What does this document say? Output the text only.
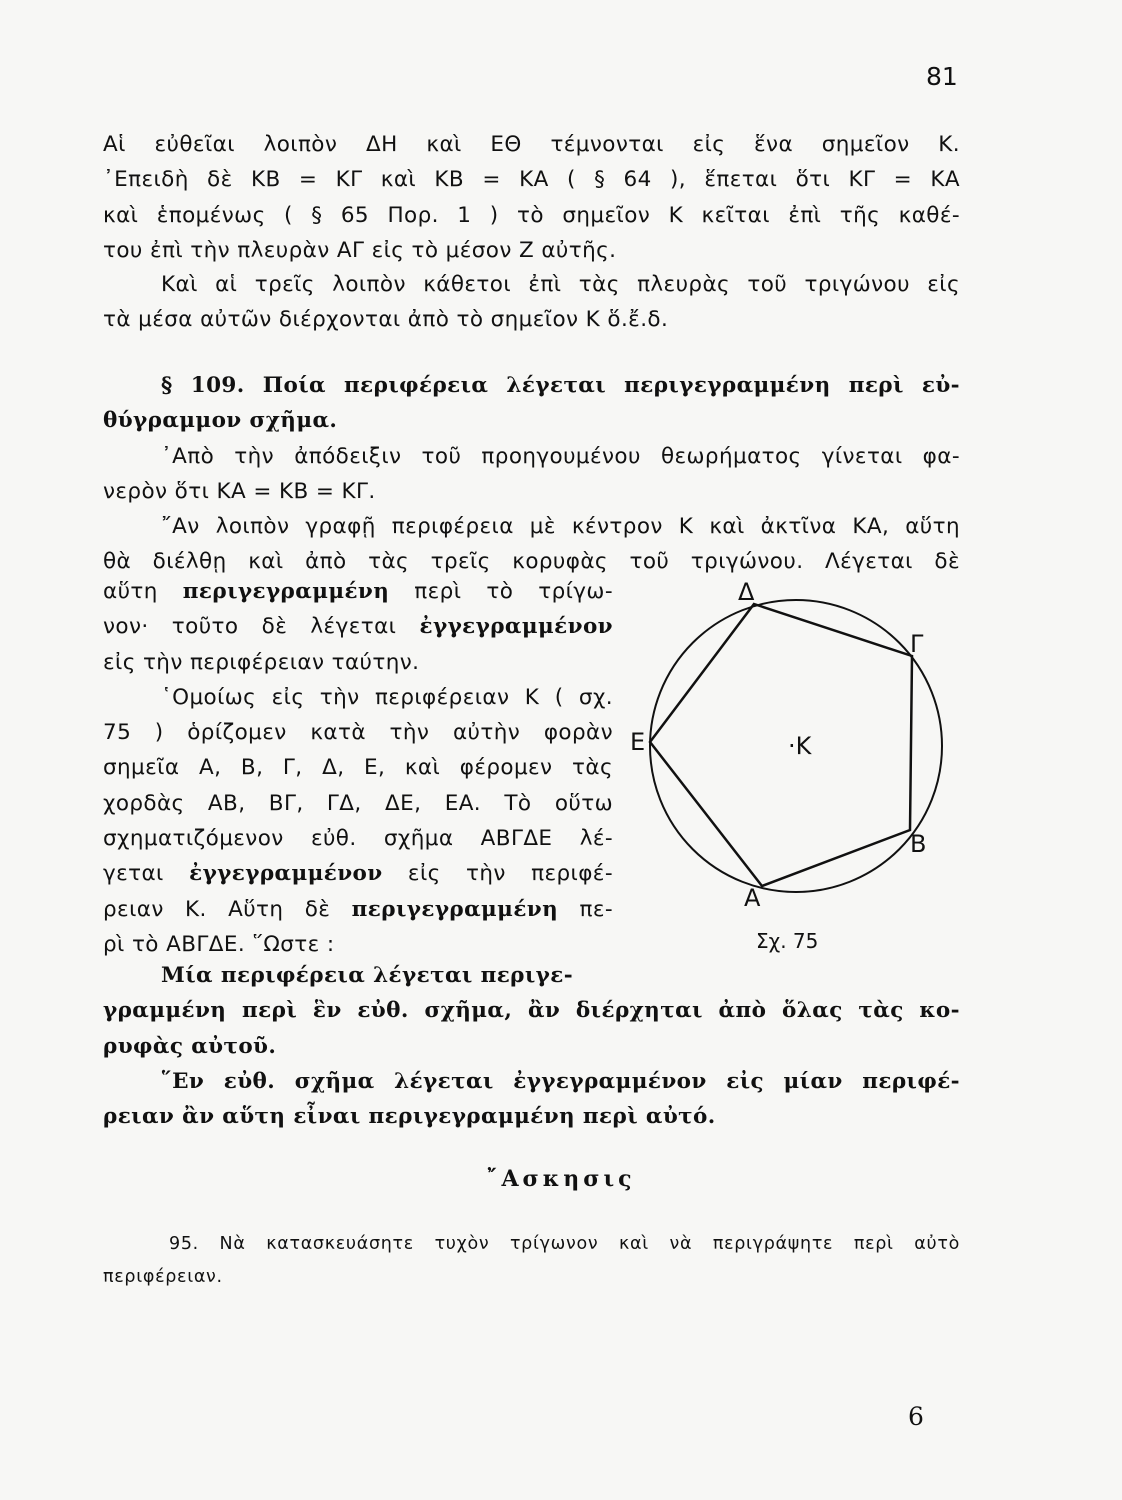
81
Αἱ εὐθεῖαι λοιπὸν ΔΗ καὶ ΕΘ τέμνονται εἰς ἕνα σημεῖον Κ.
᾿Επειδὴ δὲ ΚΒ = ΚΓ καὶ ΚΒ = ΚΑ ( § 64 ), ἕπεται ὅτι ΚΓ = ΚΑ
καὶ ἑπομένως ( § 65 Πορ. 1 ) τὸ σημεῖον Κ κεῖται ἐπὶ τῆς καθέ-
του ἐπὶ τὴν πλευρὰν ΑΓ εἰς τὸ μέσον Ζ αὐτῆς.
Καὶ αἱ τρεῖς λοιπὸν κάθετοι ἐπὶ τὰς πλευρὰς τοῦ τριγώνου εἰς
τὰ μέσα αὐτῶν διέρχονται ἀπὸ τὸ σημεῖον Κ ὅ.ἔ.δ.
§ 109. Ποία περιφέρεια λέγεται περιγεγραμμένη περὶ εὐ-
θύγραμμον σχῆμα.
᾿Απὸ τὴν ἀπόδειξιν τοῦ προηγουμένου θεωρήματος γίνεται φα-
νερὸν ὅτι ΚΑ = ΚΒ = ΚΓ.
῎Αν λοιπὸν γραφῇ περιφέρεια μὲ κέντρον Κ καὶ ἀκτῖνα ΚΑ, αὕτη
θὰ διέλθῃ καὶ ἀπὸ τὰς τρεῖς κορυφὰς τοῦ τριγώνου. Λέγεται δὲ
αὕτη περιγεγραμμένη περὶ τὸ τρίγω-
νον· τοῦτο δὲ λέγεται ἐγγεγραμμένον
εἰς τὴν περιφέρειαν ταύτην.
῾Ομοίως εἰς τὴν περιφέρειαν Κ ( σχ.
75 ) ὁρίζομεν κατὰ τὴν αὐτὴν φορὰν
σημεῖα Α, Β, Γ, Δ, Ε, καὶ φέρομεν τὰς
χορδὰς ΑΒ, ΒΓ, ΓΔ, ΔΕ, ΕΑ. Τὸ οὕτω
σχηματιζόμενον εὐθ. σχῆμα ΑΒΓΔΕ λέ-
γεται ἐγγεγραμμένον εἰς τὴν περιφέ-
ρειαν Κ. Αὕτη δὲ περιγεγραμμένη πε-
ρὶ τὸ ΑΒΓΔΕ. ῞Ωστε :
Δ
Γ
Β
Α
Ε	·Κ
Σχ. 75
Μία περιφέρεια λέγεται περιγε-
γραμμένη περὶ ἓν εὐθ. σχῆμα, ἂν διέρχηται ἀπὸ ὅλας τὰς κο-
ρυφὰς αὐτοῦ.
῞Εν εὐθ. σχῆμα λέγεται ἐγγεγραμμένον εἰς μίαν περιφέ-
ρειαν ἂν αὕτη εἶναι περιγεγραμμένη περὶ αὐτό.
῎Ασκησις
95. Νὰ κατασκευάσητε τυχὸν τρίγωνον καὶ νὰ περιγράψητε περὶ αὐτὸ
περιφέρειαν.
6
